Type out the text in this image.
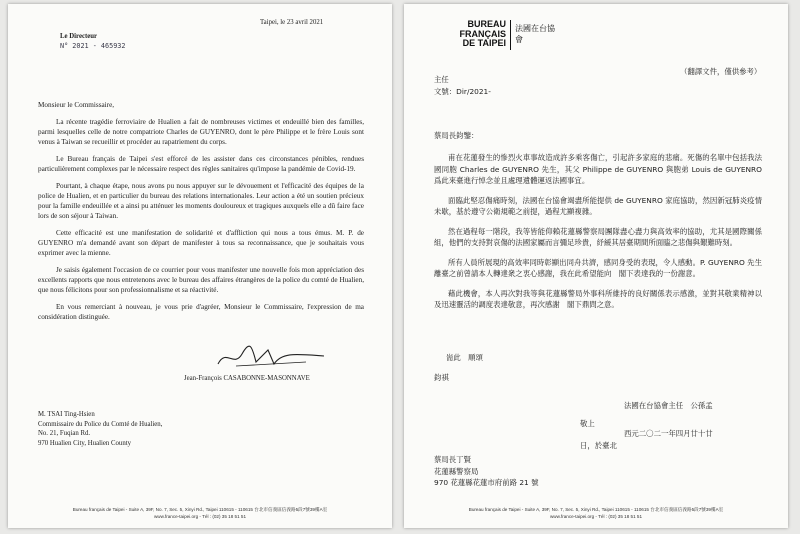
Taipei, le 23 avril 2021
Le Directeur
N° 2021 - 465932
Monsieur le Commissaire,

La récente tragédie ferroviaire de Hualien a fait de nombreuses victimes et endeuillé bien des familles, parmi lesquelles celle de notre compatriote Charles de GUYENRO, dont le père Philippe et le frère Louis sont venus à Taiwan se recueillir et procéder au rapatriement du corps.

Le Bureau français de Taipei s'est efforcé de les assister dans ces circonstances pénibles, rendues particulièrement complexes par le nécessaire respect des règles sanitaires qu'impose la pandémie de Covid-19.

Pourtant, à chaque étape, nous avons pu nous appuyer sur le dévouement et l'efficacité des équipes de la police de Hualien, et en particulier du bureau des relations internationales. Leur action a été un soutien précieux pour la famille endeuillée et a ainsi pu atténuer les moments douloureux et tragiques auxquels elle a dû faire face lors de son séjour à Taiwan.

Cette efficacité est une manifestation de solidarité et d'affliction qui nous a tous émus. M. P. de GUYENRO m'a demandé avant son départ de manifester à tous sa reconnaissance, que je souhaitais vous exprimer avec la mienne.

Je saisis également l'occasion de ce courrier pour vous manifester une nouvelle fois mon appréciation des excellents rapports que nous entretenons avec le bureau des affaires étrangères de la police du comté de Hualien, que nous félicitons pour son professionnalisme et sa réactivité.

En vous remerciant à nouveau, je vous prie d'agréer, Monsieur le Commissaire, l'expression de ma considération distinguée.

Jean-François CASABONNE-MASONNAVE
M. TSAI Ting-Hsien
Commissaire du Police du Comté de Hualien,
No. 21, Fuqian Rd.
970 Hualien City, Hualien County
Bureau français de Taipei - Suite A, 39F, No. 7, Sec. 5, Xinyi Rd., Taipei 110615 - 110615 台北市信義區信義路5段7號39樓A室
www.france-taipei.org - Tél : (02) 35 18 51 51
BUREAU
FRANÇAIS
DE TAIPEI
法國在台協會
（翻譯文件，僅供參考）
主任
文號：Dir/2021-
蔡局長鈞鑒：

甫在花蓮發生的慘烈火車事故造成許多乘客傷亡，引起許多家庭的悲痛。死傷的名單中包括我法國同胞 Charles de GUYENRO 先生，其父 Philippe de GUYENRO 與胞弟 Louis de GUYENRO 爲此來臺進行悼念並且處理遺體運返法國事宜。

面臨此堅忍傷痛時刻，法國在台協會竭盡所能提供 de GUYENRO 家庭協助，然因新冠肺炎疫情未歇，基於遵守公衛規範之前提，過程尤顯複雜。

然在過程每一階段，我等皆能仰賴花蓮縣警察局團隊盡心盡力與高效率的協助，尤其是國際關係組，他們的支持對哀傷的法國家屬而言彌足珍貴，紓緩其居臺期間所面臨之悲傷與艱難時刻。

所有人員所展現的高效率同時彰顯出同舟共濟，感同身受的表現，令人感動。P. GUYENRO 先生離臺之前曾請本人轉達衆之衷心感謝，我在此希望能向　閣下表達我的一份謝意。

藉此機會，本人再次對我等與花蓮縣警局外事科所維持的良好關係表示感激，並對其敬業精神以及迅速靈活的調度表達敬意，再次感謝　閣下鼎問之意。

耑此　順頌
鈞祺
法國在台協會主任　公孫孟
敬上
西元二〇二一年四月廿十廿
日，於臺北
蔡局長丁賢
花蓮縣警察局
970 花蓮縣花蓮市府前路 21 號
Bureau français de Taipei - Suite A, 39F, No. 7, Sec. 5, Xinyi Rd., Taipei 110615 - 110615 台北市信義區信義路5段7號39樓A室
www.france-taipei.org - Tél : (02) 35 18 51 51
